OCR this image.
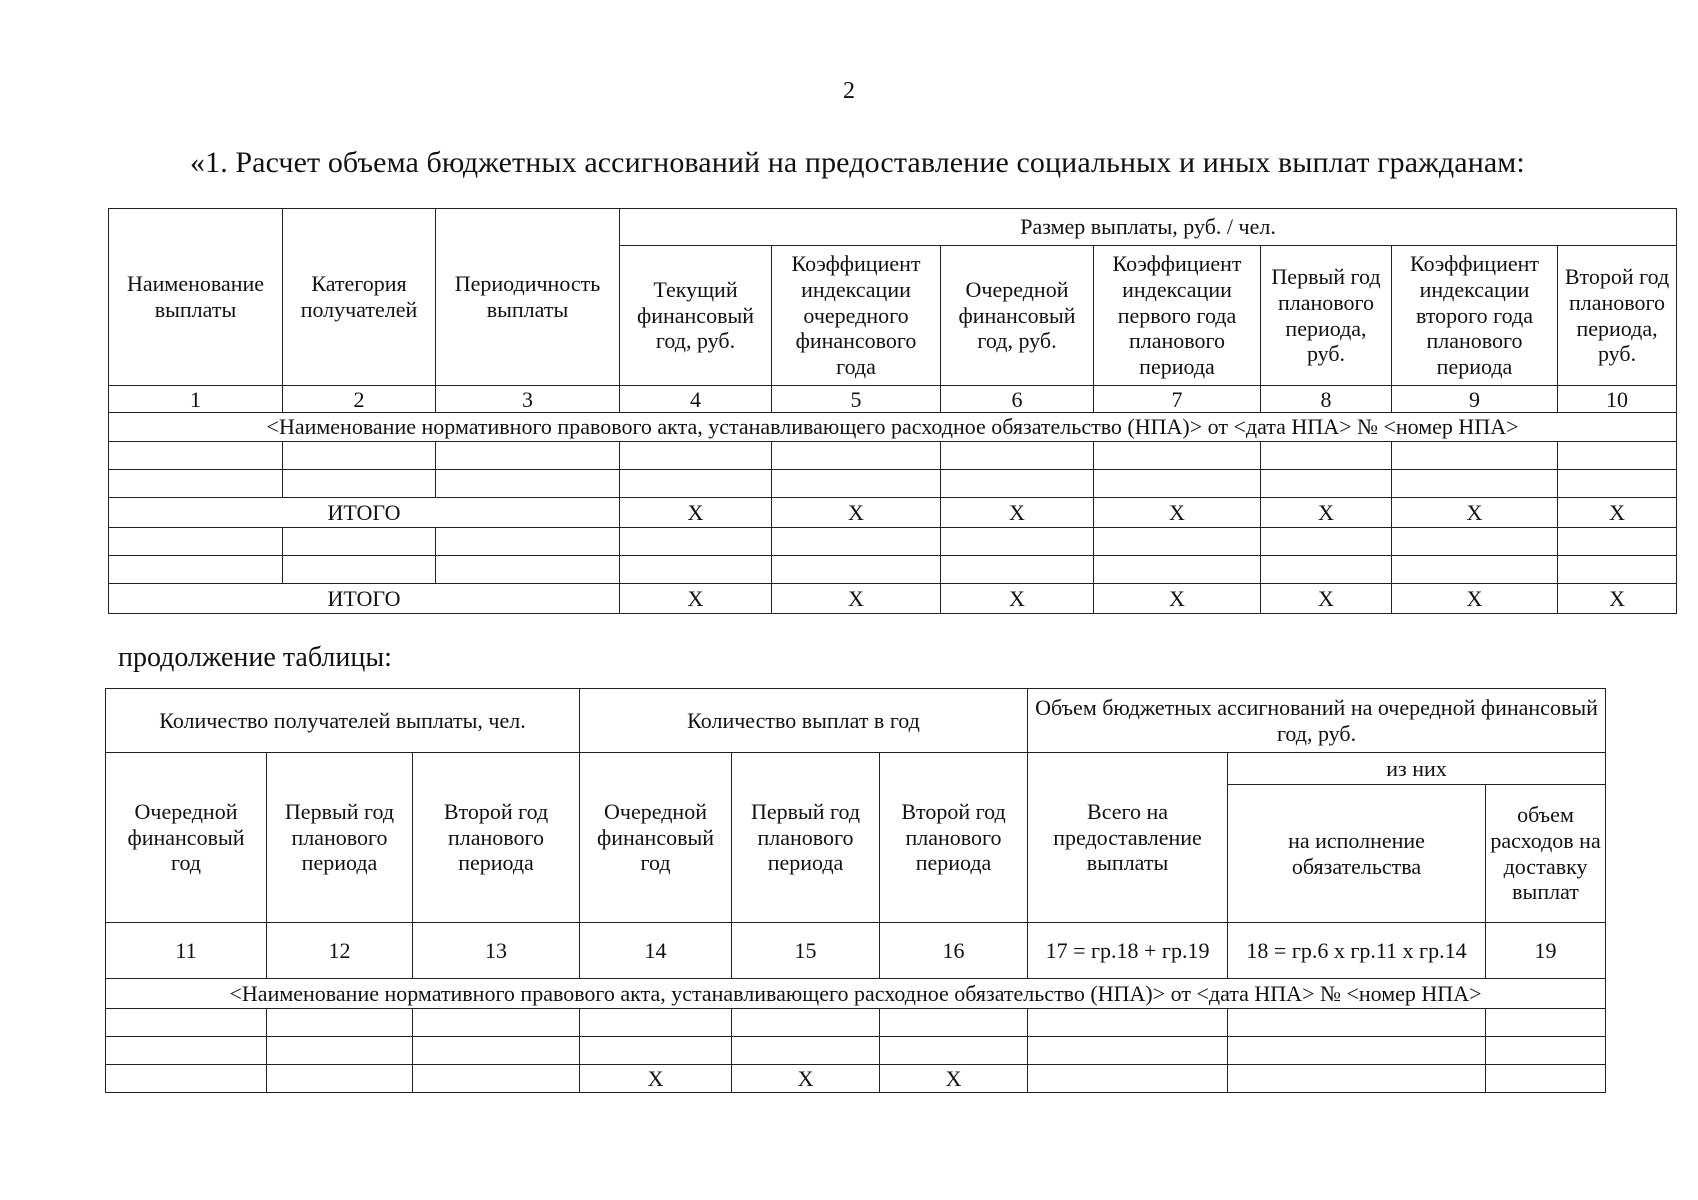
2
«1. Расчет объема бюджетных ассигнований на предоставление социальных и иных выплат гражданам:
Наименование выплаты	Категория получателей	Периодичность выплаты	Размер выплаты, руб. / чел.						
			Текущий финансовый год, руб.	Коэффициент индексации очередного финансового года	Очередной финансовый год, руб.	Коэффициент индексации первого года планового периода	Первый год планового периода, руб.	Коэффициент индексации второго года планового периода	Второй год планового периода, руб.
1	2	3	4	5	6	7	8	9	10
<Наименование нормативного правового акта, устанавливающего расходное обязательство (НПА)> от <дата НПА> № <номер НПА>									

ИТОГО			Х	Х	Х	Х	Х	Х	Х

ИТОГО			Х	Х	Х	Х	Х	Х	Х
продолжение таблицы:
Количество получателей выплаты, чел.			Количество выплат в год			Объем бюджетных ассигнований на очередной финансовый год, руб.		
Очередной финансовый год	Первый год планового периода	Второй год планового периода	Очередной финансовый год	Первый год планового периода	Второй год планового периода	Всего на предоставление выплаты	из них	
							на исполнение обязательства	объем расходов на доставку выплат
11	12	13	14	15	16	17 = гр.18 + гр.19	18 = гр.6 х гр.11 х гр.14	19
<Наименование нормативного правового акта, устанавливающего расходное обязательство (НПА)> от <дата НПА> № <номер НПА>								

			Х	Х	Х			
